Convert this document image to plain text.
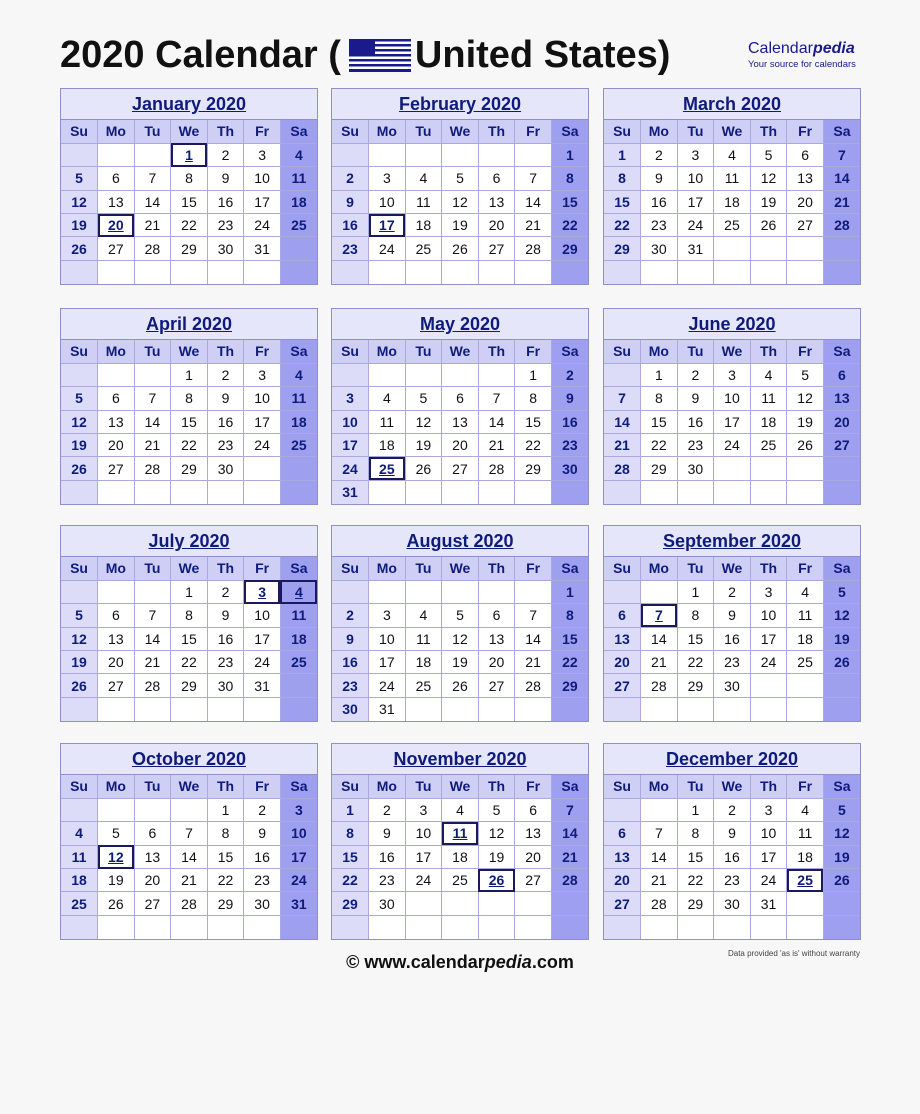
2020 Calendar ( United States)	Calendarpedia
Your source for calendars
January 2020
Su	Mo	Tu	We	Th	Fr	Sa
			1	2	3	4
5	6	7	8	9	10	11
12	13	14	15	16	17	18
19	20	21	22	23	24	25
26	27	28	29	30	31	

February 2020
Su	Mo	Tu	We	Th	Fr	Sa
						1
2	3	4	5	6	7	8
9	10	11	12	13	14	15
16	17	18	19	20	21	22
23	24	25	26	27	28	29

March 2020
Su	Mo	Tu	We	Th	Fr	Sa
1	2	3	4	5	6	7
8	9	10	11	12	13	14
15	16	17	18	19	20	21
22	23	24	25	26	27	28
29	30	31				

April 2020
Su	Mo	Tu	We	Th	Fr	Sa
			1	2	3	4
5	6	7	8	9	10	11
12	13	14	15	16	17	18
19	20	21	22	23	24	25
26	27	28	29	30		

May 2020
Su	Mo	Tu	We	Th	Fr	Sa
					1	2
3	4	5	6	7	8	9
10	11	12	13	14	15	16
17	18	19	20	21	22	23
24	25	26	27	28	29	30
31						
June 2020
Su	Mo	Tu	We	Th	Fr	Sa
	1	2	3	4	5	6
7	8	9	10	11	12	13
14	15	16	17	18	19	20
21	22	23	24	25	26	27
28	29	30				

July 2020
Su	Mo	Tu	We	Th	Fr	Sa
			1	2	3	4
5	6	7	8	9	10	11
12	13	14	15	16	17	18
19	20	21	22	23	24	25
26	27	28	29	30	31	

August 2020
Su	Mo	Tu	We	Th	Fr	Sa
						1
2	3	4	5	6	7	8
9	10	11	12	13	14	15
16	17	18	19	20	21	22
23	24	25	26	27	28	29
30	31					
September 2020
Su	Mo	Tu	We	Th	Fr	Sa
		1	2	3	4	5
6	7	8	9	10	11	12
13	14	15	16	17	18	19
20	21	22	23	24	25	26
27	28	29	30			

October 2020
Su	Mo	Tu	We	Th	Fr	Sa
				1	2	3
4	5	6	7	8	9	10
11	12	13	14	15	16	17
18	19	20	21	22	23	24
25	26	27	28	29	30	31

November 2020
Su	Mo	Tu	We	Th	Fr	Sa
1	2	3	4	5	6	7
8	9	10	11	12	13	14
15	16	17	18	19	20	21
22	23	24	25	26	27	28
29	30					

December 2020
Su	Mo	Tu	We	Th	Fr	Sa
		1	2	3	4	5
6	7	8	9	10	11	12
13	14	15	16	17	18	19
20	21	22	23	24	25	26
27	28	29	30	31		

© www.calendarpedia.com	Data provided 'as is' without warranty
